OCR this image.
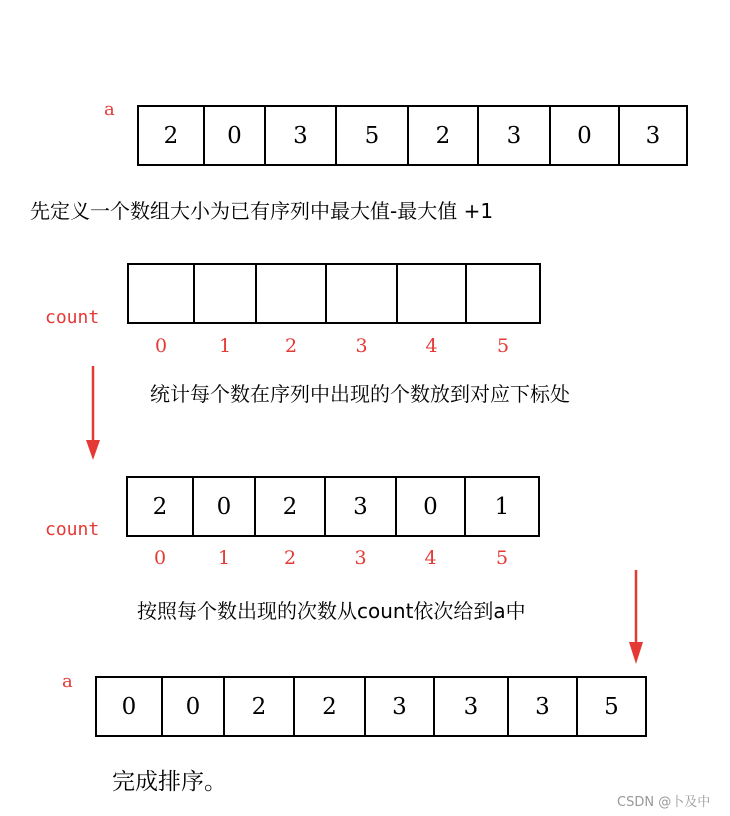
a
2	0	3	5	2	3	0	3
先定义一个数组大小为已有序列中最大值-最大值 +1
count
0	1	2	3	4	5
统计每个数在序列中出现的个数放到对应下标处
count
2	0	2	3	0	1
0	1	2	3	4	5
按照每个数出现的次数从count依次给到a中
a
0	0	2	2	3	3	3	5
完成排序。
CSDN @卜及中
